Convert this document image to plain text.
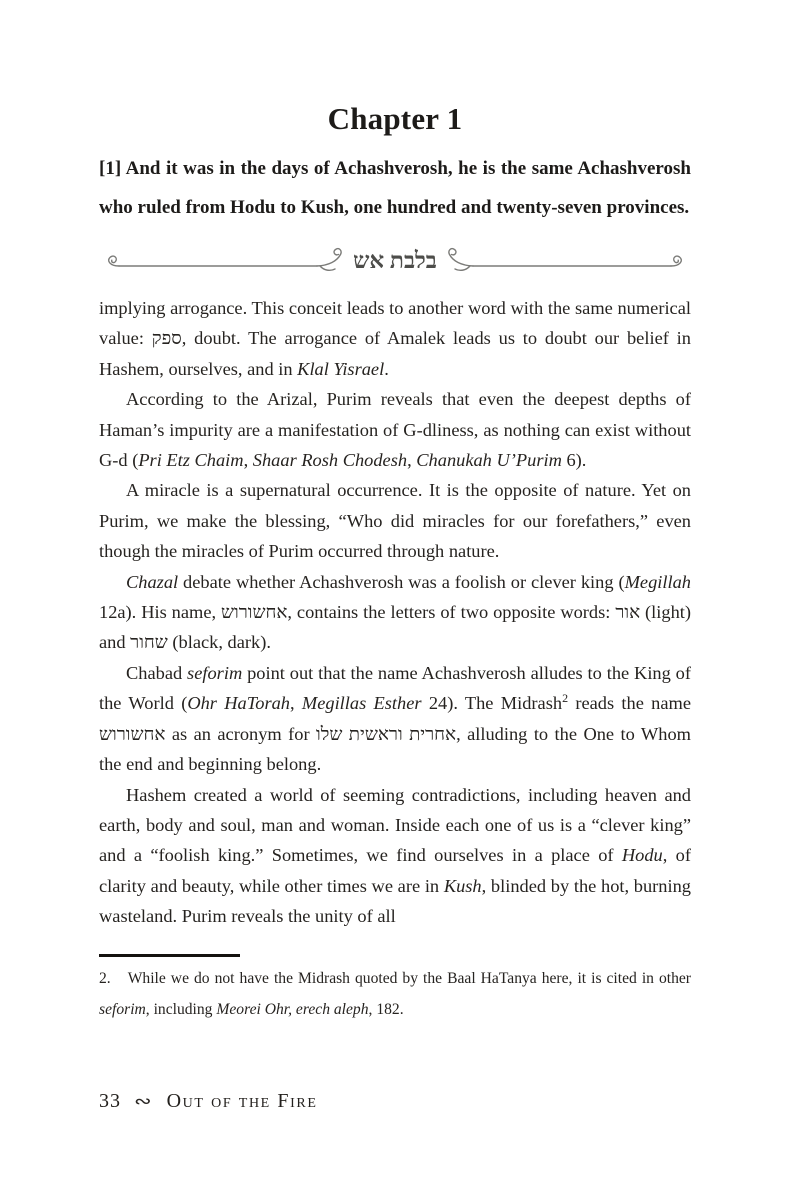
Chapter 1

[1] And it was in the days of Achashverosh, he is the same Achashverosh who ruled from Hodu to Kush, one hundred and twenty-seven provinces.

בלבת אש

implying arrogance. This conceit leads to another word with the same numerical value: ספק, doubt. The arrogance of Amalek leads us to doubt our belief in Hashem, ourselves, and in Klal Yisrael.

According to the Arizal, Purim reveals that even the deepest depths of Haman’s impurity are a manifestation of G-dliness, as nothing can exist without G-d (Pri Etz Chaim, Shaar Rosh Chodesh, Chanukah U’Purim 6).

A miracle is a supernatural occurrence. It is the opposite of nature. Yet on Purim, we make the blessing, “Who did miracles for our forefathers,” even though the miracles of Purim occurred through nature.

Chazal debate whether Achashverosh was a foolish or clever king (Megillah 12a). His name, אחשורוש, contains the letters of two opposite words: אור (light) and שחור (black, dark).

Chabad seforim point out that the name Achashverosh alludes to the King of the World (Ohr HaTorah, Megillas Esther 24). The Midrash$^2$ reads the name אחשורוש as an acronym for אחרית וראשית שלו, alluding to the One to Whom the end and beginning belong.

Hashem created a world of seeming contradictions, including heaven and earth, body and soul, man and woman. Inside each one of us is a “clever king” and a “foolish king.” Sometimes, we find ourselves in a place of Hodu, of clarity and beauty, while other times we are in Kush, blinded by the hot, burning wasteland. Purim reveals the unity of all

2. While we do not have the Midrash quoted by the Baal HaTanya here, it is cited in other seforim, including Meorei Ohr, erech aleph, 182.

33 ∾ Out of the Fire
